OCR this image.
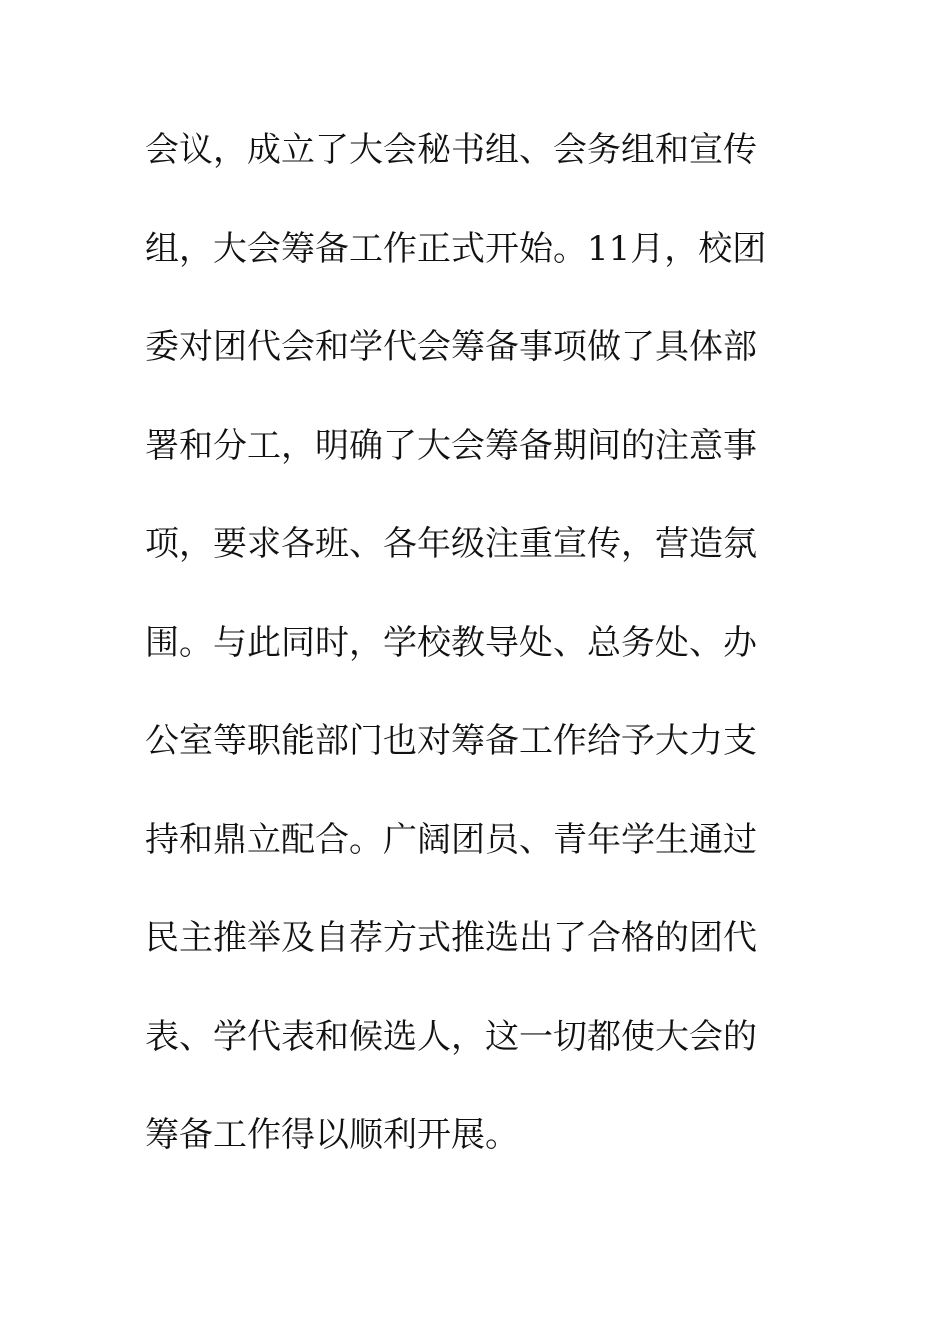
会议，成立了大会秘书组、会务组和宣传
组，大会筹备工作正式开始。11月，校团
委对团代会和学代会筹备事项做了具体部
署和分工，明确了大会筹备期间的注意事
项，要求各班、各年级注重宣传，营造氛
围。与此同时，学校教导处、总务处、办
公室等职能部门也对筹备工作给予大力支
持和鼎立配合。广阔团员、青年学生通过
民主推举及自荐方式推选出了合格的团代
表、学代表和候选人，这一切都使大会的
筹备工作得以顺利开展。
